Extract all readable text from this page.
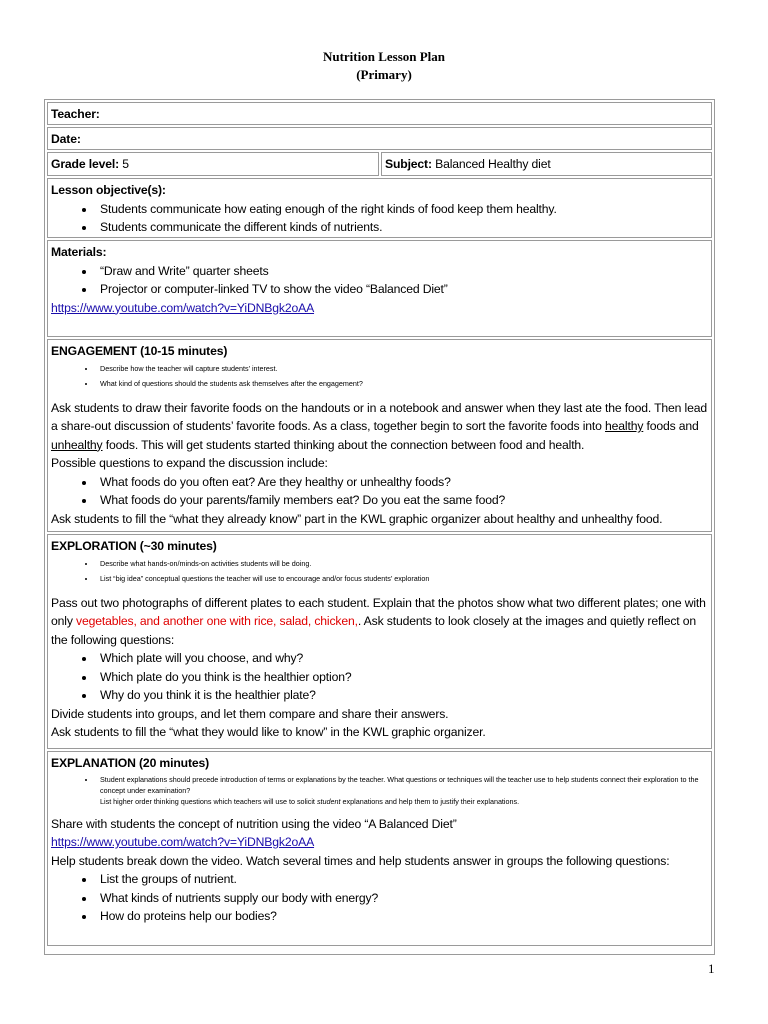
Nutrition Lesson Plan
(Primary)
Teacher:
Date:
Grade level: 5	Subject: Balanced Healthy diet
Lesson objective(s):
• Students communicate how eating enough of the right kinds of food keep them healthy.
• Students communicate the different kinds of nutrients.
Materials:
• “Draw and Write” quarter sheets
• Projector or computer-linked TV to show the video “Balanced Diet”
https://www.youtube.com/watch?v=YiDNBgk2oAA
ENGAGEMENT (10-15 minutes)
• Describe how the teacher will capture students’ interest.
• What kind of questions should the students ask themselves after the engagement?
Ask students to draw their favorite foods on the handouts or in a notebook and answer when they last ate the food. Then lead a share-out discussion of students’ favorite foods. As a class, together begin to sort the favorite foods into healthy foods and unhealthy foods. This will get students started thinking about the connection between food and health.
Possible questions to expand the discussion include:
• What foods do you often eat? Are they healthy or unhealthy foods?
• What foods do your parents/family members eat? Do you eat the same food?
Ask students to fill the “what they already know” part in the KWL graphic organizer about healthy and unhealthy food.
EXPLORATION (~30 minutes)
• Describe what hands-on/minds-on activities students will be doing.
• List “big idea” conceptual questions the teacher will use to encourage and/or focus students’ exploration
Pass out two photographs of different plates to each student. Explain that the photos show what two different plates; one with only vegetables, and another one with rice, salad, chicken,. Ask students to look closely at the images and quietly reflect on the following questions:
• Which plate will you choose, and why?
• Which plate do you think is the healthier option?
• Why do you think it is the healthier plate?
Divide students into groups, and let them compare and share their answers.
Ask students to fill the “what they would like to know” in the KWL graphic organizer.
EXPLANATION (20 minutes)
• Student explanations should precede introduction of terms or explanations by the teacher. What questions or techniques will the teacher use to help students connect their exploration to the concept under examination?
List higher order thinking questions which teachers will use to solicit student explanations and help them to justify their explanations.
Share with students the concept of nutrition using the video “A Balanced Diet”
https://www.youtube.com/watch?v=YiDNBgk2oAA
Help students break down the video. Watch several times and help students answer in groups the following questions:
• List the groups of nutrient.
• What kinds of nutrients supply our body with energy?
• How do proteins help our bodies?
1
